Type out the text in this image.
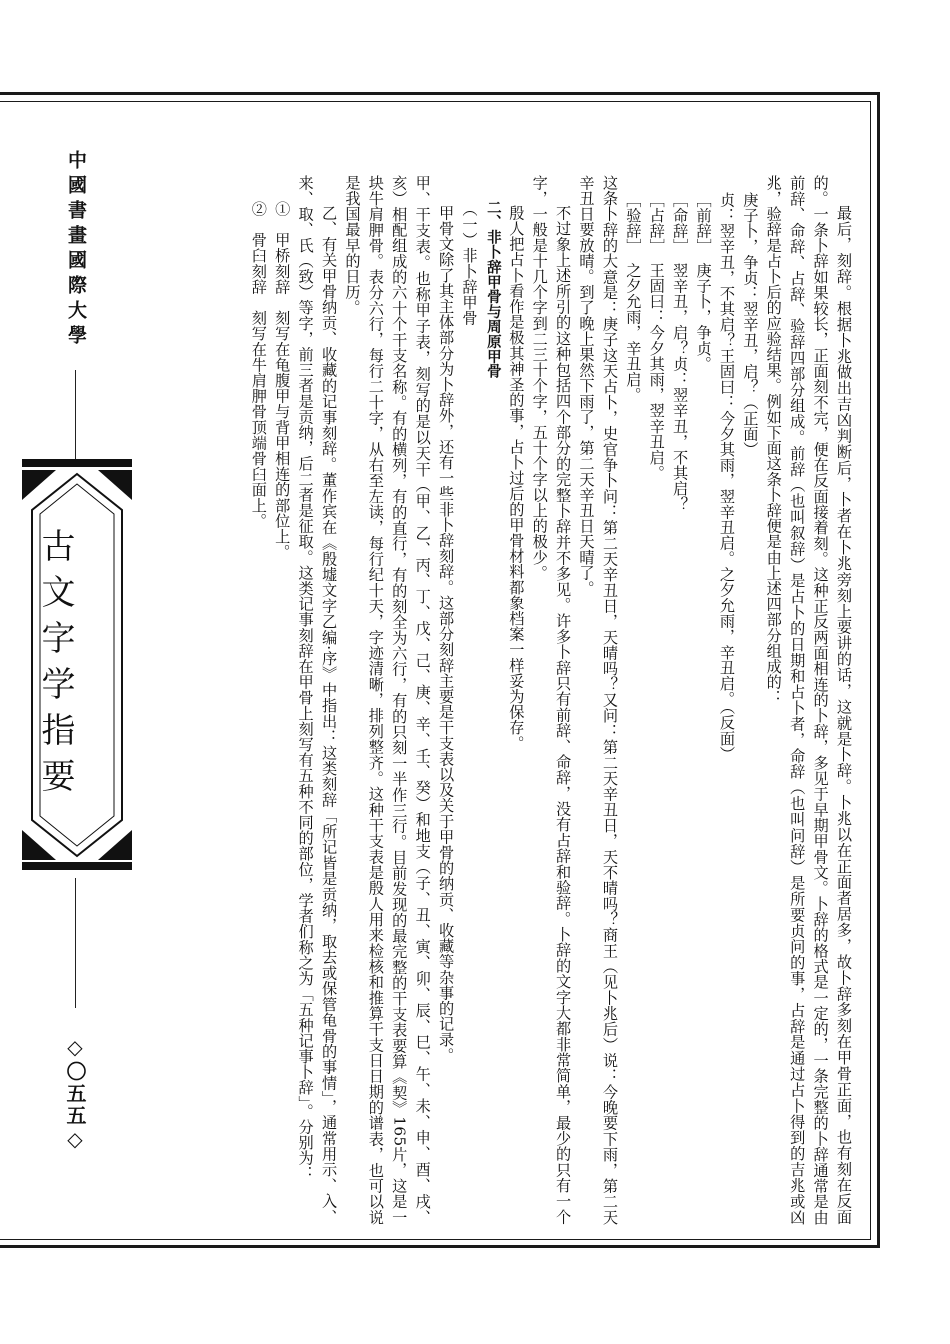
中國書畫國際大學
古文字学指要
◇〇五五◇	最后，刻辞。根据卜兆做出吉凶判断后，卜者在卜兆旁刻上要讲的话，这就是卜辞。卜兆以在正面者居多，故卜辞多刻在甲骨正面，也有刻在反面的。一条卜辞如果较长，正面刻不完，便在反面接着刻。这种正反两面相连的卜辞，多见于早期甲骨文。卜辞的格式是一定的，一条完整的卜辞通常是由前辞、命辞、占辞、验辞四部分组成。前辞（也叫叙辞）是占卜的日期和占卜者，命辞（也叫问辞）是所要贞问的事，占辞是通过占卜得到的吉兆或凶兆，验辞是占卜后的应验结果。例如下面这条卜辞便是由上述四部分组成的：

庚子卜，争贞：翌辛丑，启？（正面）

贞：翌辛丑，不其启？王固曰：今夕其雨，翌辛丑启。之夕允雨，辛丑启。（反面）

［前辞］　庚子卜，争贞。

［命辞］　翌辛丑，启？贞：翌辛丑，不其启？

［占辞］　王固曰：今夕其雨，翌辛丑启。

［验辞］　之夕允雨，辛丑启。

这条卜辞的大意是：庚子这天占卜，史官争卜问：第二天辛丑日，天晴吗？又问：第二天辛丑日，天不晴吗？商王（见卜兆后）说：今晚要下雨，第二天辛丑日要放晴。到了晚上果然下雨了，第二天辛丑日天晴了。

不过象上述所引的这种包括四个部分的完整卜辞并不多见。许多卜辞只有前辞、命辞，没有占辞和验辞。卜辞的文字大都非常简单，最少的只有一个字，一般是十几个字到二三十个字，五十个字以上的极少。

殷人把占卜看作是极其神圣的事，占卜过后的甲骨材料都象档案一样妥为保存。

二、非卜辞甲骨与周原甲骨

（一）非卜辞甲骨

甲骨文除了其主体部分为卜辞外，还有一些非卜辞刻辞。这部分刻辞主要是干支表以及关于甲骨的纳贡、收藏等杂事的记录。

甲、干支表。也称甲子表，刻写的是以天干（甲、乙、丙、丁、戊、己、庚、辛、壬、癸）和地支（子、丑、寅、卯、辰、巳、午、未、申、酉、戌、亥）相配组成的六十个干支名称。有的横列，有的直行，有的刻全为六行，有的只刻一半作三行。目前发现的最完整的干支表要算《契》165片，这是一块牛肩胛骨。表分六行，每行二十字，从右至左读，每行纪十天，字迹清晰，排列整齐。这种干支表是殷人用来检核和推算干支日日期的谱表，也可以说是我国最早的日历。

乙、有关甲骨纳贡、收藏的记事刻辞。董作宾在《殷墟文字乙编·序》中指出：这类刻辞「所记皆是贡纳，取去或保管龟骨的事情」，通常用示、入、来、取、氏（致）等字，前三者是贡纳，后二者是征取。这类记事刻辞在甲骨上刻写有五种不同的部位，学者们称之为「五种记事卜辞」。分别为：

①　甲桥刻辞　刻写在龟腹甲与背甲相连的部位上。

②　骨臼刻辞　刻写在牛肩胛骨顶端骨臼面上。
